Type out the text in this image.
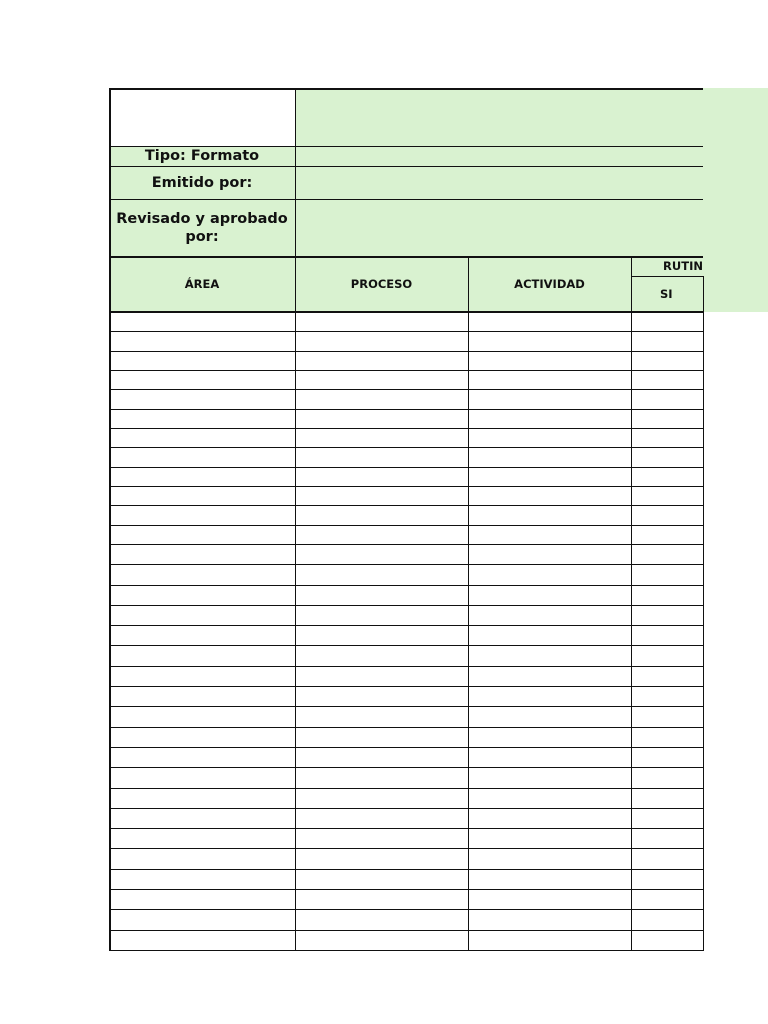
Tipo: Formato
Emitido por:
Revisado y aprobado por:
ÁREA	PROCESO	ACTIVIDAD
RUTIN
SI
